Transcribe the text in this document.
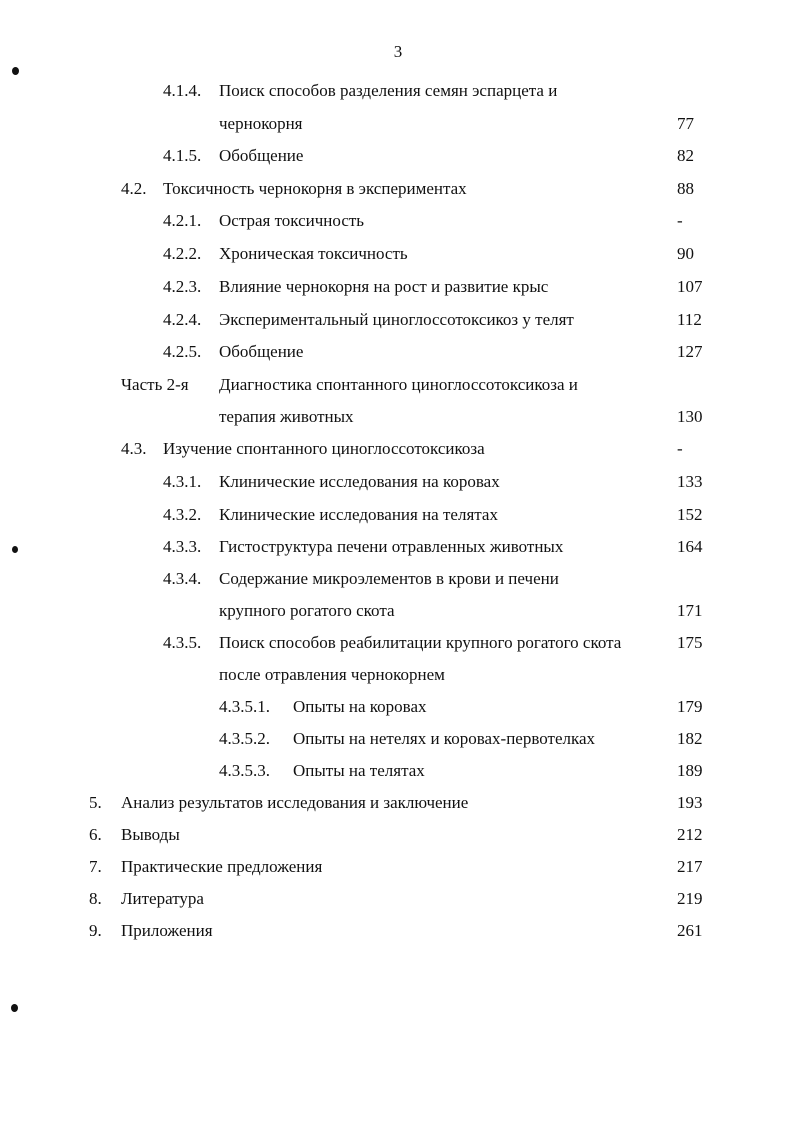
3
4.1.4. Поиск способов разделения семян эспарцета и
чернокорня	77
4.1.5. Обобщение	82
4.2. Токсичность чернокорня в экспериментах	88
4.2.1. Острая токсичность	-
4.2.2. Хроническая токсичность	90
4.2.3. Влияние чернокорня на рост и развитие крыс	107
4.2.4. Экспериментальный циноглоссотоксикоз у телят	112
4.2.5. Обобщение	127
Часть 2-я Диагностика спонтанного циноглоссотоксикоза и
терапия животных	130
4.3. Изучение спонтанного циноглоссотоксикоза	-
4.3.1. Клинические исследования на коровах	133
4.3.2. Клинические исследования на телятах	152
4.3.3. Гистоструктура печени отравленных животных	164
4.3.4. Содержание микроэлементов в крови и печени
крупного рогатого скота	171
4.3.5. Поиск способов реабилитации крупного рогатого скота	175
после отравления чернокорнем
4.3.5.1. Опыты на коровах	179
4.3.5.2. Опыты на нетелях и коровах-первотелках	182
4.3.5.3. Опыты на телятах	189
5. Анализ результатов исследования и заключение	193
6. Выводы	212
7. Практические предложения	217
8. Литература	219
9. Приложения	261
